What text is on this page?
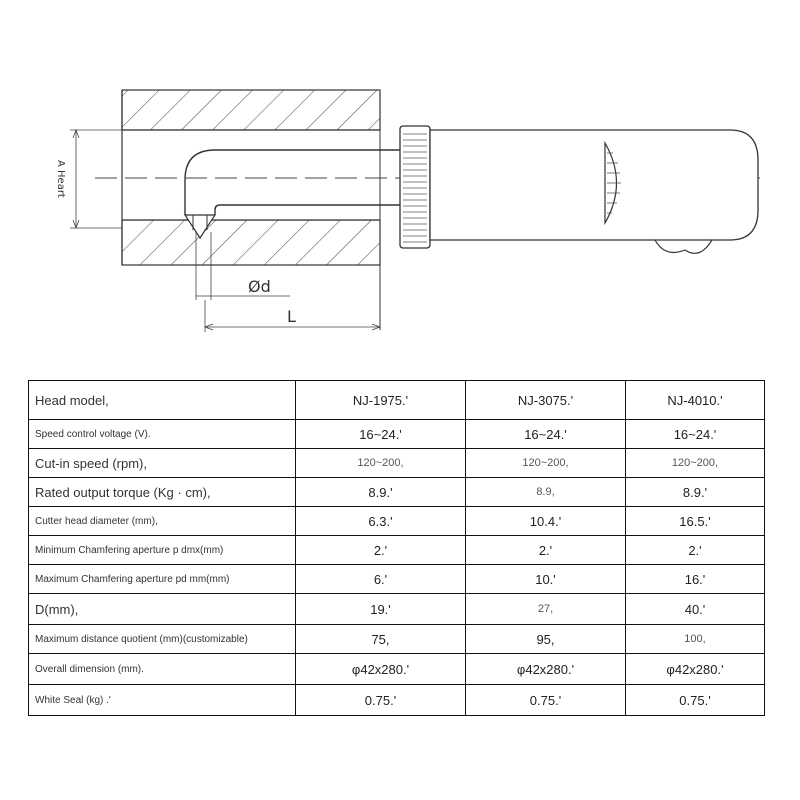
A Heart
Ød
L
Head model,	NJ-1975.'	NJ-3075.'	NJ-4010.'
Speed control voltage (V).	16~24.'	16~24.'	16~24.'
Cut-in speed (rpm),	120~200,	120~200,	120~200,
Rated output torque (Kg · cm),	8.9.'	8.9,	8.9.'
Cutter head diameter (mm),	6.3.'	10.4.'	16.5.'
Minimum Chamfering aperture p dmx(mm)	2.'	2.'	2.'
Maximum Chamfering aperture pd mm(mm)	6.'	10.'	16.'
D(mm),	19.'	27,	40.'
Maximum distance quotient (mm)(customizable)	75,	95,	100,
Overall dimension (mm).	φ42x280.'	φ42x280.'	φ42x280.'
White Seal (kg) .'	0.75.'	0.75.'	0.75.'
